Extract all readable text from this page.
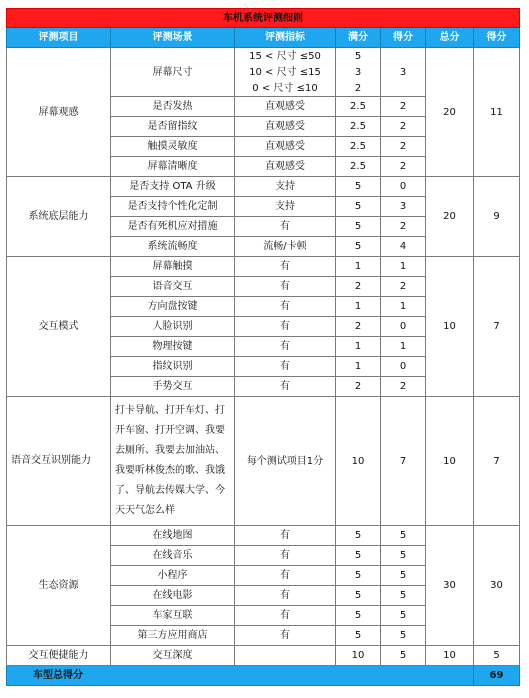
车机系统评测细则						
评测项目	评测场景	评测指标	满分	得分	总分	得分
屏幕观感	屏幕尺寸	15 < 尺寸 ≤50	5	3	20	11
		10 < 尺寸 ≤15	3			
		0 < 尺寸 ≤10	2			
	是否发热	直观感受	2.5	2		
	是否留指纹	直观感受	2.5	2		
	触摸灵敏度	直观感受	2.5	2		
	屏幕清晰度	直观感受	2.5	2		
系统底层能力	是否支持 OTA 升级	支持	5	0	20	9
	是否支持个性化定制	支持	5	3		
	是否有死机应对措施	有	5	2		
	系统流畅度	流畅/卡顿	5	4		
交互模式	屏幕触摸	有	1	1	10	7
	语音交互	有	2	2		
	方向盘按键	有	1	1		
	人脸识别	有	2	0		
	物理按键	有	1	1		
	指纹识别	有	1	0		
	手势交互	有	2	2		
语音交互识别能力	打卡导航、打开车灯、打开车窗、打开空调、我要去厕所、我要去加油站、我要听林俊杰的歌、我饿了、导航去传媒大学、今天天气怎么样	每个测试项目1分	10	7	10	7
生态资源	在线地图	有	5	5	30	30
	在线音乐	有	5	5		
	小程序	有	5	5		
	在线电影	有	5	5		
	车家互联	有	5	5		
	第三方应用商店	有	5	5		
交互便捷能力	交互深度		10	5	10	5
车型总得分						69
